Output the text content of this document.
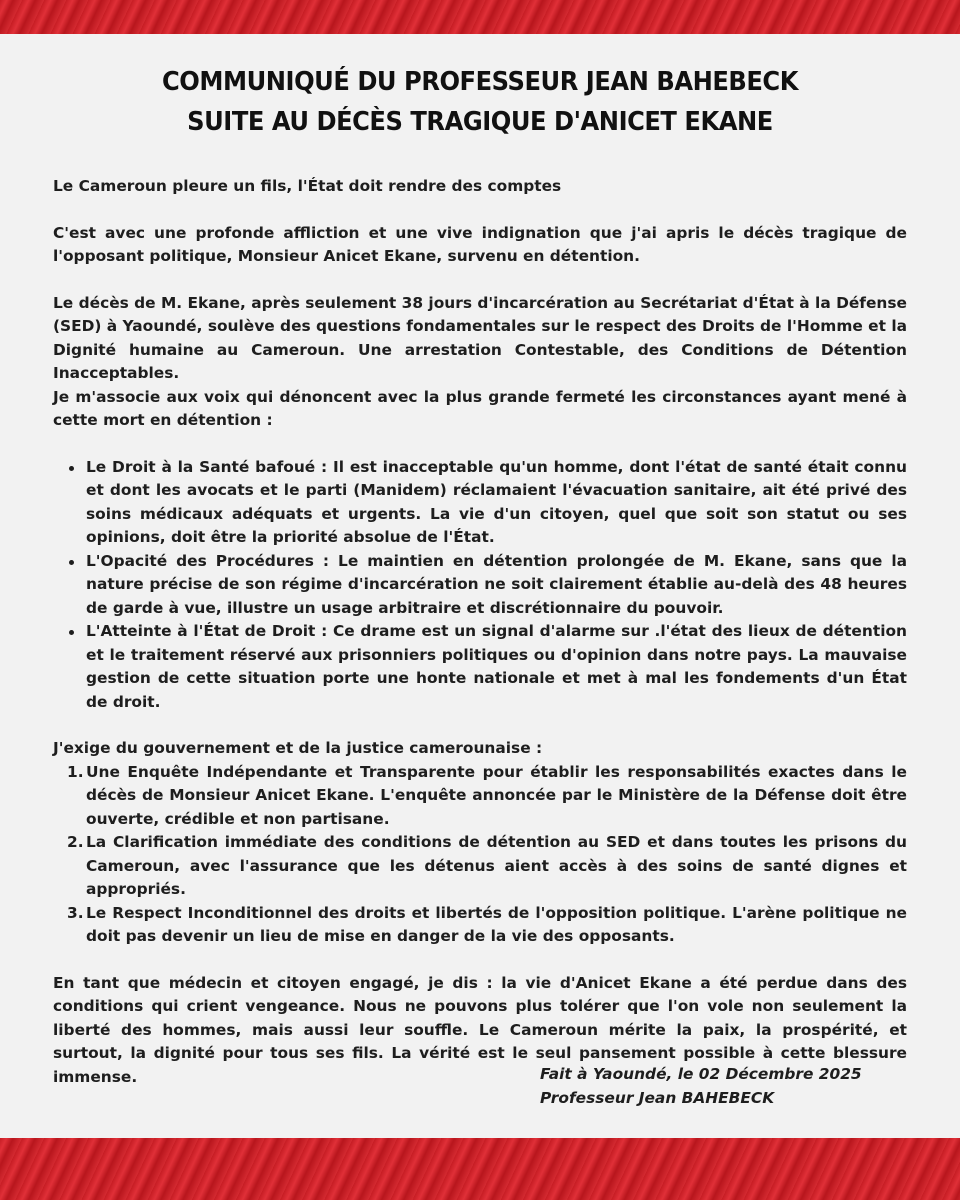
COMMUNIQUÉ DU PROFESSEUR JEAN BAHEBECK
SUITE AU DÉCÈS TRAGIQUE D'ANICET EKANE

Le Cameroun pleure un fils, l'État doit rendre des comptes

C'est avec une profonde affliction et une vive indignation que j'ai apris le décès tragique de l'opposant politique, Monsieur Anicet Ekane, survenu en détention.

Le décès de M. Ekane, après seulement 38 jours d'incarcération au Secrétariat d'État à la Défense (SED) à Yaoundé, soulève des questions fondamentales sur le respect des Droits de l'Homme et la Dignité humaine au Cameroun. Une arrestation Contestable, des Conditions de Détention Inacceptables.

Je m'associe aux voix qui dénoncent avec la plus grande fermeté les circonstances ayant mené à cette mort en détention :

Le Droit à la Santé bafoué : Il est inacceptable qu'un homme, dont l'état de santé était connu et dont les avocats et le parti (Manidem) réclamaient l'évacuation sanitaire, ait été privé des soins médicaux adéquats et urgents. La vie d'un citoyen, quel que soit son statut ou ses opinions, doit être la priorité absolue de l'État.
L'Opacité des Procédures : Le maintien en détention prolongée de M. Ekane, sans que la nature précise de son régime d'incarcération ne soit clairement établie au-delà des 48 heures de garde à vue, illustre un usage arbitraire et discrétionnaire du pouvoir.
L'Atteinte à l'État de Droit : Ce drame est un signal d'alarme sur .l'état des lieux de détention et le traitement réservé aux prisonniers politiques ou d'opinion dans notre pays. La mauvaise gestion de cette situation porte une honte nationale et met à mal les fondements d'un État de droit.

J'exige du gouvernement et de la justice camerounaise :

1. Une Enquête Indépendante et Transparente pour établir les responsabilités exactes dans le décès de Monsieur Anicet Ekane. L'enquête annoncée par le Ministère de la Défense doit être ouverte, crédible et non partisane.
2. La Clarification immédiate des conditions de détention au SED et dans toutes les prisons du Cameroun, avec l'assurance que les détenus aient accès à des soins de santé dignes et appropriés.
3. Le Respect Inconditionnel des droits et libertés de l'opposition politique. L'arène politique ne doit pas devenir un lieu de mise en danger de la vie des opposants.

En tant que médecin et citoyen engagé, je dis : la vie d'Anicet Ekane a été perdue dans des conditions qui crient vengeance. Nous ne pouvons plus tolérer que l'on vole non seulement la liberté des hommes, mais aussi leur souffle. Le Cameroun mérite la paix, la prospérité, et surtout, la dignité pour tous ses fils. La vérité est le seul pansement possible à cette blessure immense.	Fait à Yaoundé, le 02 Décembre 2025
Professeur Jean BAHEBECK
